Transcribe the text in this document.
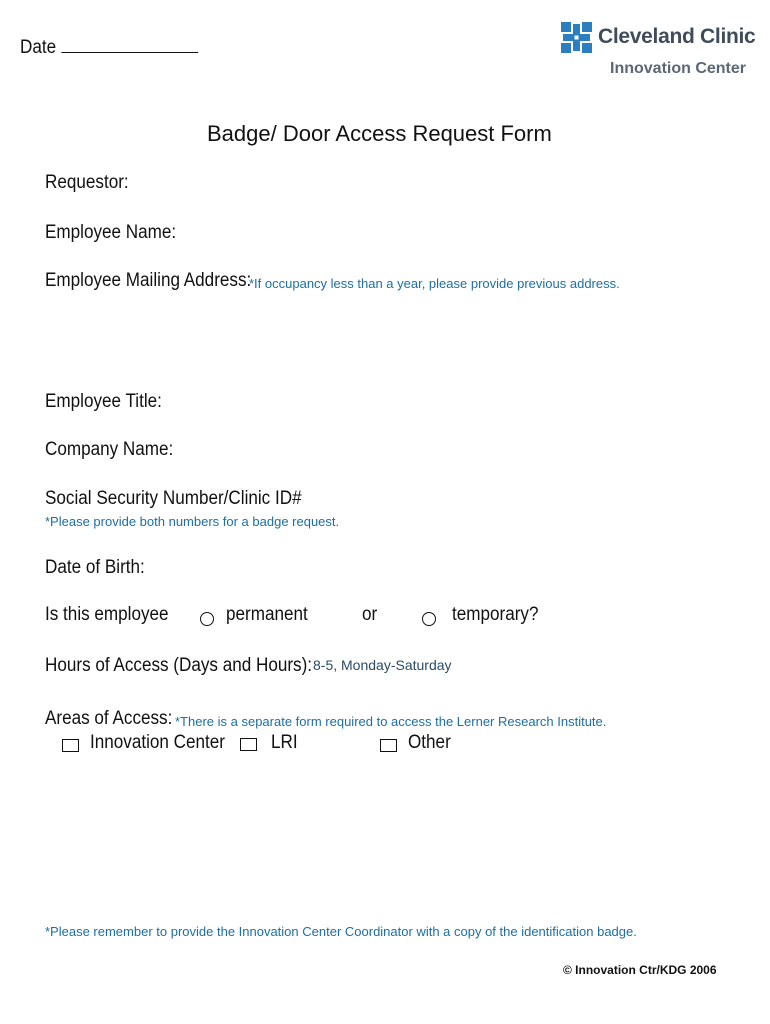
Date	Cleveland Clinic
Innovation Center
Badge/ Door Access Request Form
Requestor:
Employee Name:
Employee Mailing Address:
*If occupancy less than a year, please provide previous address.
Employee Title:
Company Name:
Social Security Number/Clinic ID#
*Please provide both numbers for a badge request.
Date of Birth:
Is this employee	permanent	or	temporary?
Hours of Access (Days and Hours): 8-5, Monday-Saturday
Areas of Access: *There is a separate form required to access the Lerner Research Institute.
Innovation Center LRI	Other
*Please remember to provide the Innovation Center Coordinator with a copy of the identification badge.
© Innovation Ctr/KDG 2006
